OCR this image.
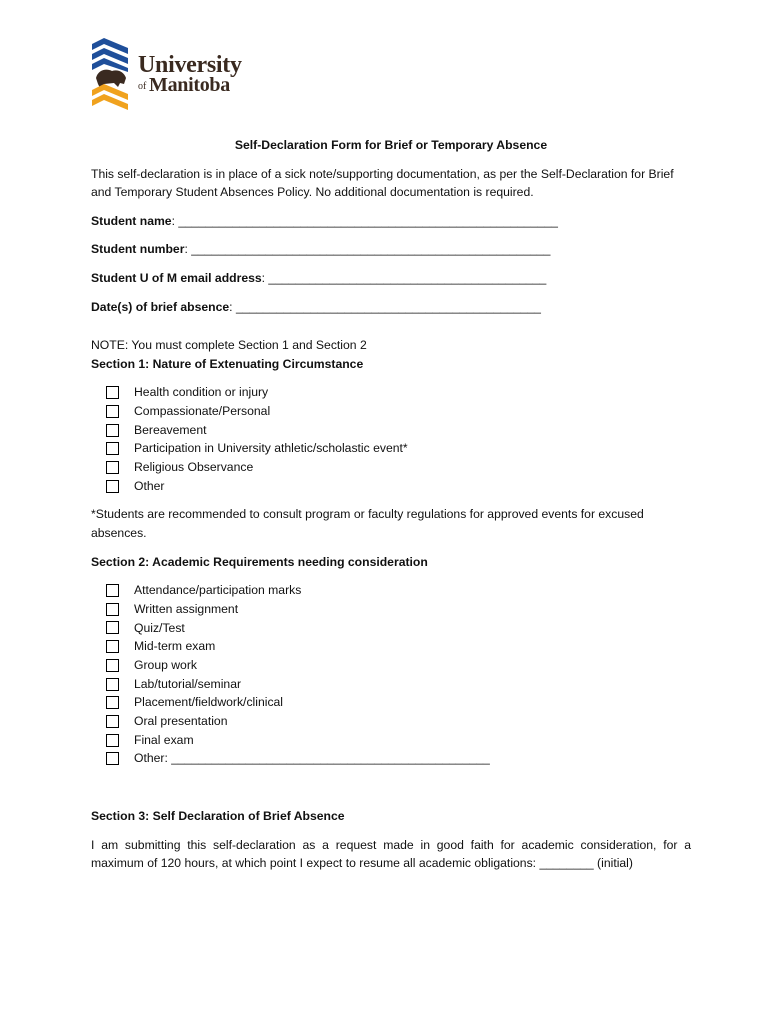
University
of Manitoba

Self-Declaration Form for Brief or Temporary Absence

This self-declaration is in place of a sick note/supporting documentation, as per the Self-Declaration for Brief and Temporary Student Absences Policy. No additional documentation is required.

Student name: ________________________________________________________

Student number: _____________________________________________________

Student U of M email address: _________________________________________

Date(s) of brief absence: _____________________________________________

NOTE: You must complete Section 1 and Section 2

Section 1: Nature of Extenuating Circumstance

Health condition or injury
Compassionate/Personal
Bereavement
Participation in University athletic/scholastic event*
Religious Observance
Other

*Students are recommended to consult program or faculty regulations for approved events for excused absences.

Section 2: Academic Requirements needing consideration

Attendance/participation marks
Written assignment
Quiz/Test
Mid-term exam
Group work
Lab/tutorial/seminar
Placement/fieldwork/clinical
Oral presentation
Final exam
Other: _______________________________________________

Section 3: Self Declaration of Brief Absence

I am submitting this self-declaration as a request made in good faith for academic consideration, for a maximum of 120 hours, at which point I expect to resume all academic obligations: ________ (initial)
